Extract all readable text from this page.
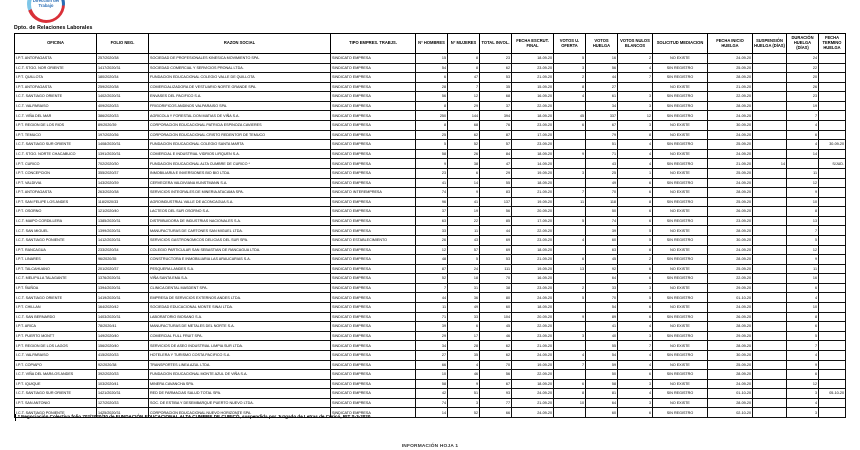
Dirección del Trabajo
Dpto. de Relaciones Laborales
OFICINA	FOLIO NEG.	RAZON SOCIAL	TIPO EMPRES. TRABJS.	N° HOMBRES	N° MUJERES	TOTAL INVOL.	FECHA ESCRUT. FINAL	VOTOS U. OFERTA	VOTOS HUELGA	VOTOS NULOS BLANCOS	SOLICITUD MEDIACION	FECHA INICIO HUELGA	SUSPENSIÓN HUELGA (DÍAS)	DURACIÓN HUELGA (DÍAS)	FECHA TERMINO HUELGA
I.P.T. ANTOFAGASTA	257/2020/38	SOCIEDAD DE PROFESIONALES KINESICA MOVIMIENTO SPA.	SINDICATO EMPRESA	15	8	23	18-09-20	5	16	2	NO EXISTE	24-09-20		24	
I.C.T. STGO. NOR ORIENTE	1417/2020/31	SOCIEDAD COMERCIAL Y SERVICIOS PRONAL LTDA.	SINDICATO EMPRESA	54	8	62	23-09-20	3	56	4	SIN REGISTRO	25-09-20		22	
I.P.T. QUILLOTA	180/2020/34	FUNDACION EDUCACIONAL COLEGIO VALLE DE QUILLOTA	SINDICATO EMPRESA	6	47	53	21-09-20	2	44	7	SIN REGISTRO	28-09-20		20	
I.P.T. ANTOFAGASTA	259/2020/38	COMERCIALIZADORA DE VESTUARIO NORTE GRANDE SPA.	SINDICATO EMPRESA	28	7	35	15-09-20	8	27		NO EXISTE	21-09-20		26	
I.C.T. SANTIAGO ORIENTE	1402/2020/31	ENVASES DEL PACIFICO S.A.	SINDICATO EMPRESA	56	12	68	16-09-20	4	61	3	SIN REGISTRO	22-09-20		23	
I.C.T. VALPARAISO	409/2020/33	FRIGORIFICOS ANDINOS VALPARAISO SPA.	SINDICATO EMPRESA	8	29	37	22-09-20		34	3	SIN REGISTRO	28-09-20		19	
I.C.T. VIÑA DEL MAR	386/2020/33	AGRICOLA Y FORESTAL DON MATIAS DE VIÑA S.A.	SINDICATO EMPRESA	250	144	394	18-09-20	45	337	12	SIN REGISTRO	24-09-20		7	
I.P.T. REGION DE LOS RIOS	89/2020/39	CORPORACION EDUCACIONAL PATRICIA ESPINOZA CAVIERES	SINDICATO EMPRESA	8	68	76	23-09-20	6	67	3	NO EXISTE	30-09-20		4	
I.P.T. TEMUCO	197/2020/36	CORPORACION EDUCACIONAL CRISTO REDENTOR DE TEMUCO	SINDICATO EMPRESA	25	62	87	17-09-20		79	8	NO EXISTE	24-09-20		6	
I.C.T. SANTIAGO SUR ORIENTE	1408/2020/31	FUNDACION EDUCACIONAL COLEGIO SANTA MARTA	SINDICATO EMPRESA	5	52	57	23-09-20		51	4	SIN REGISTRO	25-09-20		4	30-09-20
I.C.T. STGO. NORTE CHACABUCO	1391/2020/31	COMERCIAL E INDUSTRIAL VIDRIOS LIRQUEN S.A.	SINDICATO EMPRESA	58	26	84	18-09-20	9	71	4	NO EXISTE	24-09-20		14	
I.P.T. CURICO	702/2020/30	FUNDACION EDUCACIONAL ALTA CUMBRE DE CURICO *	SINDICATO EMPRESA	9	38	47	14-09-20		43	4	SIN REGISTRO	21-09-20	14		S/JUD.
I.P.T. CONCEPCION	355/2020/37	INMOBILIARIA E INVERSIONES BIO BIO LTDA.	SINDICATO EMPRESA	23	6	29	19-09-20	3	25	1	NO EXISTE	25-09-20		11	
I.P.T. VALDIVIA	143/2020/39	CERVECERA VALDIVIANA KUNSTMANN S.A.	SINDICATO EMPRESA	41	14	55	18-09-20		49	6	SIN REGISTRO	24-09-20		12	
I.P.T. ANTOFAGASTA	263/2020/38	SERVICIOS INTEGRALES DE MINERIA ATACAMA SPA.	SINDICATO INTEREMPRESA	74	9	83	21-09-20	7	70	6	NO EXISTE	28-09-20		9	
I.P.T. SAN FELIPE LOS ANDES	118/2020/33	AGROINDUSTRIAL VALLE DE ACONCAGUA S.A.	SINDICATO EMPRESA	96	41	137	19-09-20	11	118	8	SIN REGISTRO	25-09-20		10	
I.P.T. OSORNO	121/2020/40	LACTEOS DEL SUR OSORNO S.A.	SINDICATO EMPRESA	37	19	56	20-09-20		50	6	NO EXISTE	26-09-20		8	
I.C.T. MAIPO CORDILLERA	1385/2020/31	DISTRIBUIDORA DE INDUSTRIAS NACIONALES S.A.	SINDICATO EMPRESA	63	22	85	17-09-20	5	74	6	SIN REGISTRO	23-09-20		13	
I.C.T. SAN MIGUEL	1399/2020/31	MANUFACTURAS DE CARTONES SAN MIGUEL LTDA.	SINDICATO EMPRESA	33	11	44	22-09-20		39	5	NO EXISTE	28-09-20		7	
I.C.T. SANTIAGO PONIENTE	1412/2020/31	SERVICIOS GASTRONOMICOS DELICIAS DEL SUR SPA.	SINDICATO ESTABLECIMIENTO	26	43	69	23-09-20	4	60	5	SIN REGISTRO	30-09-20		5	
I.P.T. RANCAGUA	233/2020/34	COLEGIO PARTICULAR SAN SEBASTIAN DE RANCAGUA LTDA.	SINDICATO EMPRESA	12	57	69	18-09-20		63	6	NO EXISTE	24-09-20		12	
I.P.T. LINARES	96/2020/35	CONSTRUCTORA E INMOBILIARIA LAS ARAUCARIAS S.A.	SINDICATO EMPRESA	48	5	53	21-09-20	6	45	2	SIN REGISTRO	28-09-20		9	
I.P.T. TALCAHUANO	201/2020/37	PESQUERA LANDES S.A.	SINDICATO EMPRESA	87	24	111	19-09-20	13	92	6	NO EXISTE	25-09-20		11	
I.C.T. MELIPILLA TALAGANTE	1376/2020/31	VIÑA SANTA EMA S.A.	SINDICATO EMPRESA	52	18	70	16-09-20		64	6	SIN REGISTRO	22-09-20		16	
I.P.T. ÑUÑOA	1394/2020/31	CLINICA DENTAL MASDENT SPA.	SINDICATO EMPRESA	7	31	38	23-09-20	2	33	3	NO EXISTE	29-09-20		6	
I.C.T. SANTIAGO ORIENTE	1419/2020/31	EMPRESA DE SERVICIOS EXTERNOS ANDES LTDA.	SINDICATO EMPRESA	44	36	80	24-09-20	5	70	5	SIN REGISTRO	01-10-20		4	
I.P.T. CHILLAN	164/2020/42	SOCIEDAD EDUCACIONAL MONTE SINAI LTDA.	SINDICATO EMPRESA	11	49	60	18-09-20		54	6	NO EXISTE	24-09-20		10	
I.C.T. SAN BERNARDO	1403/2020/31	LABORATORIO BIOSANO S.A.	SINDICATO EMPRESA	71	33	104	20-09-20	9	89	6	SIN REGISTRO	26-09-20		8	
I.P.T. ARICA	78/2020/41	MANUFACTURAS DE METALES DEL NORTE S.A.	SINDICATO EMPRESA	39	6	45	22-09-20		41	4	NO EXISTE	28-09-20		6	
I.P.T. PUERTO MONTT	149/2020/40	COMERCIAL FULL FRUIT SPA.	SINDICATO EMPRESA	29	17	46	23-09-20	3	40	3	SIN REGISTRO	29-09-20		5	
I.P.T. REGION DE LOS LAGOS	156/2020/40	SERVICIOS DE ASEO INDUSTRIAL LIMPIA SUR LTDA.	SINDICATO EMPRESA	34	28	62	21-09-20		55	7	NO EXISTE	28-09-20		7	
I.C.T. VALPARAISO	415/2020/33	HOTELERA Y TURISMO COSTA PACIFICO S.A.	SINDICATO EMPRESA	27	35	62	24-09-20	4	54	4	SIN REGISTRO	30-09-20		4	
I.P.T. COPIAPO	92/2020/38	TRANSPORTES LINEA AZUL LTDA.	SINDICATO EMPRESA	66	4	70	19-09-20	7	59	4	NO EXISTE	25-09-20		9	
I.C.T. VIÑA DEL MAR/LOS ANDES	392/2020/33	FUNDACION EDUCACIONAL MONTE AZUL DE VIÑA S.A.	SINDICATO EMPRESA	10	46	56	22-09-20		50	6	SIN REGISTRO	28-09-20		6	
I.P.T. IQUIQUE	103/2020/41	MINERA CAVANCHA SPA.	SINDICATO EMPRESA	58	9	67	18-09-20	6	58	3	NO EXISTE	24-09-20		12	
I.C.T. SANTIAGO SUR ORIENTE	1421/2020/31	RED DE FARMACIAS SALUD TOTAL SPA.	SINDICATO EMPRESA	42	51	93	24-09-20	8	81	4	SIN REGISTRO	01-10-20		3	05-10-20
I.P.T. SAN ANTONIO	127/2020/33	SOC. DE ESTIBA Y DESEMBARQUE PUERTO NUEVO LTDA.	SINDICATO EMPRESA	74	3	77	21-09-20	10	64	3	NO EXISTE	28-09-20		4	
I.C.T. SANTIAGO PONIENTE	1425/2020/31	CORPORACION EDUCACIONAL NUEVO HORIZONTE SPA.	SINDICATO EMPRESA	14	52	66	24-09-20		60	6	SIN REGISTRO	02-10-20		3	
* Negociación Colectiva folio 702/2020/30 de FUNDACIÓN EDUCACIONAL ALTA CUMBRE DE CURICÓ, suspendida por Juzgado de Letras de Curicó, RIT S-3-2020
INFORMACIÓN HOJA 1
